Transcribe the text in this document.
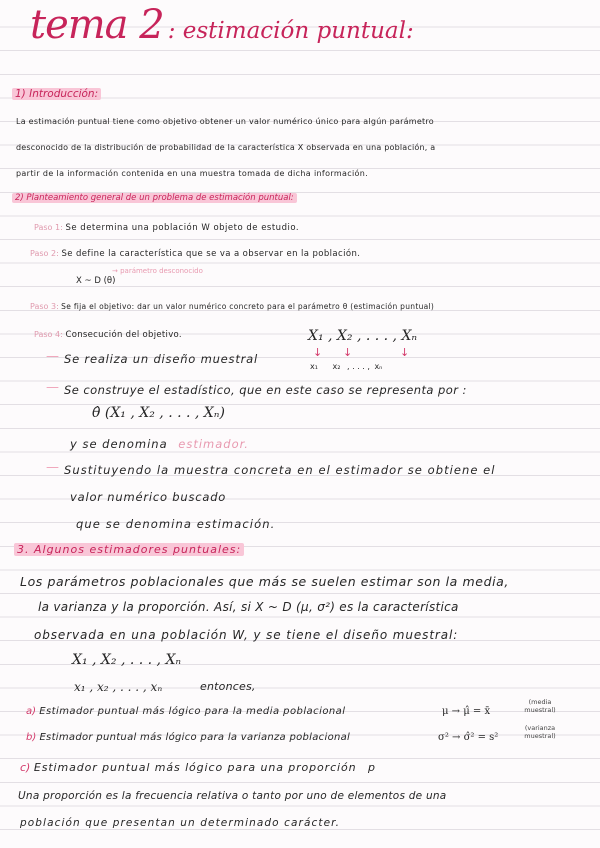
tema 2 : estimación puntual:
1) Introducción:
La estimación puntual tiene como objetivo obtener un valor numérico único para algún parámetro
desconocido de la distribución de probabilidad de la característica X observada en una población, a
partir de la información contenida en una muestra tomada de dicha información.
2) Planteamiento general de un problema de estimación puntual:
Paso 1: Se determina una población W objeto de estudio.
Paso 2: Se define la característica que se va a observar en la población.
X ~ D (θ)
→ parámetro desconocido
Paso 3: Se fija el objetivo: dar un valor numérico concreto para el parámetro θ (estimación puntual)
Paso 4: Consecución del objetivo.	X₁ , X₂ , . . . , Xₙ
↓ ↓	↓
x₁ x₂ , . . . , xₙ
— Se realiza un diseño muestral
— Se construye el estadístico, que en este caso se representa por :
θ̂ (X₁ , X₂ , . . . , Xₙ)
y se denomina estimador.
— Sustituyendo la muestra concreta en el estimador se obtiene el
valor numérico buscado
que se denomina estimación.
3. Algunos estimadores puntuales:
Los parámetros poblacionales que más se suelen estimar son la media,
la varianza y la proporción. Así, si X ~ D (μ, σ²) es la característica
observada en una población W, y se tiene el diseño muestral:
X₁ , X₂ , . . . , Xₙ
x₁ , x₂ , . . . , xₙ	entonces,
a) Estimador puntual más lógico para la media poblacional	μ → μ̂ = x̄
(media muestral)
b) Estimador puntual más lógico para la varianza poblacional	σ² → σ̂² = s²
(varianza muestral)
c) Estimador puntual más lógico para una proporción p
Una proporción es la frecuencia relativa o tanto por uno de elementos de una
población que presentan un determinado carácter.
